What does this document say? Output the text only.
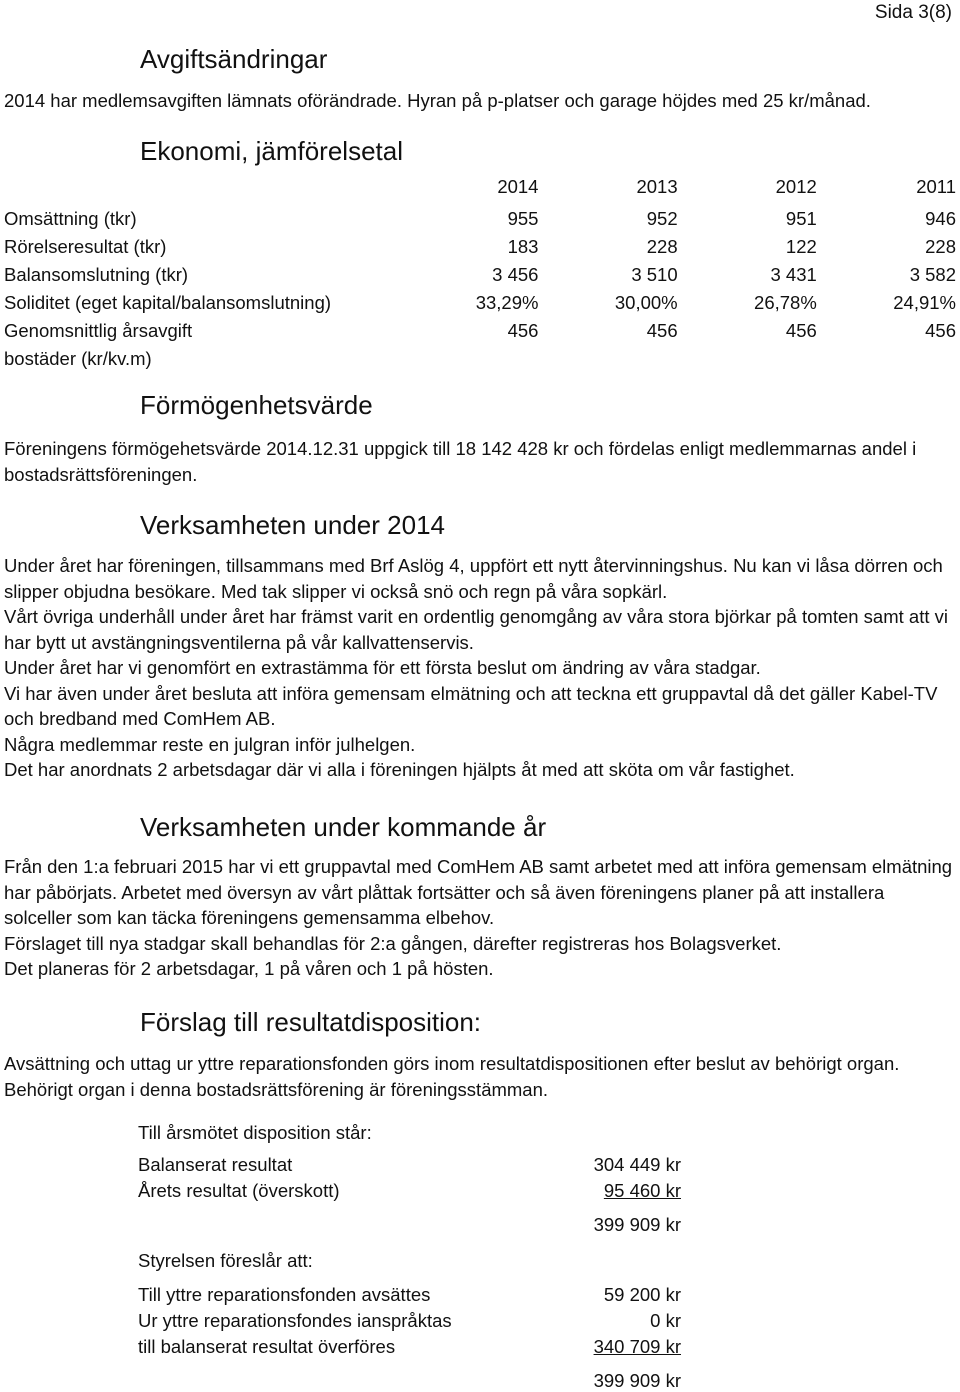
Sida 3(8)
Avgiftsändringar
2014 har medlemsavgiften lämnats oförändrade. Hyran på p-platser och garage höjdes med 25 kr/månad.
Ekonomi, jämförelsetal
	2014	2013	2012	2011
Omsättning (tkr)	955	952	951	946
Rörelseresultat (tkr)	183	228	122	228
Balansomslutning (tkr)	3 456	3 510	3 431	3 582
Soliditet (eget kapital/balansomslutning)	33,29%	30,00%	26,78%	24,91%
Genomsnittlig årsavgift	456	456	456	456
bostäder (kr/kv.m)				
Förmögenhetsvärde

Föreningens förmögehetsvärde 2014.12.31 uppgick till 18 142 428 kr och fördelas enligt medlemmarnas andel i bostadsrättsföreningen.

Verksamheten under 2014

Under året har föreningen, tillsammans med Brf Aslög 4, uppfört ett nytt återvinningshus. Nu kan vi låsa dörren och slipper objudna besökare. Med tak slipper vi också snö och regn på våra sopkärl.

Vårt övriga underhåll under året har främst varit en ordentlig genomgång av våra stora björkar på tomten samt att vi har bytt ut avstängningsventilerna på vår kallvattenservis.

Under året har vi genomfört en extrastämma för ett första beslut om ändring av våra stadgar.

Vi har även under året besluta att införa gemensam elmätning och att teckna ett gruppavtal då det gäller Kabel-TV och bredband med ComHem AB.

Några medlemmar reste en julgran inför julhelgen.

Det har anordnats 2 arbetsdagar där vi alla i föreningen hjälpts åt med att sköta om vår fastighet.

Verksamheten under kommande år

Från den 1:a februari 2015 har vi ett gruppavtal med ComHem AB samt arbetet med att införa gemensam elmätning har påbörjats. Arbetet med översyn av vårt plåttak fortsätter och så även föreningens planer på att installera solceller som kan täcka föreningens gemensamma elbehov.

Förslaget till nya stadgar skall behandlas för 2:a gången, därefter registreras hos Bolagsverket.

Det planeras för 2 arbetsdagar, 1 på våren och 1 på hösten.

Förslag till resultatdisposition:

Avsättning och uttag ur yttre reparationsfonden görs inom resultatdispositionen efter beslut av behörigt organ. Behörigt organ i denna bostadsrättsförening är föreningsstämman.

Till årsmötet disposition står:
Balanserat resultat	304 449 kr
Årets resultat (överskott)	95 460 kr
399 909 kr
Styrelsen föreslår att:
Till yttre reparationsfonden avsättes	59 200 kr
Ur yttre reparationsfondes ianspråktas	0 kr
till balanserat resultat överföres	340 709 kr
399 909 kr
